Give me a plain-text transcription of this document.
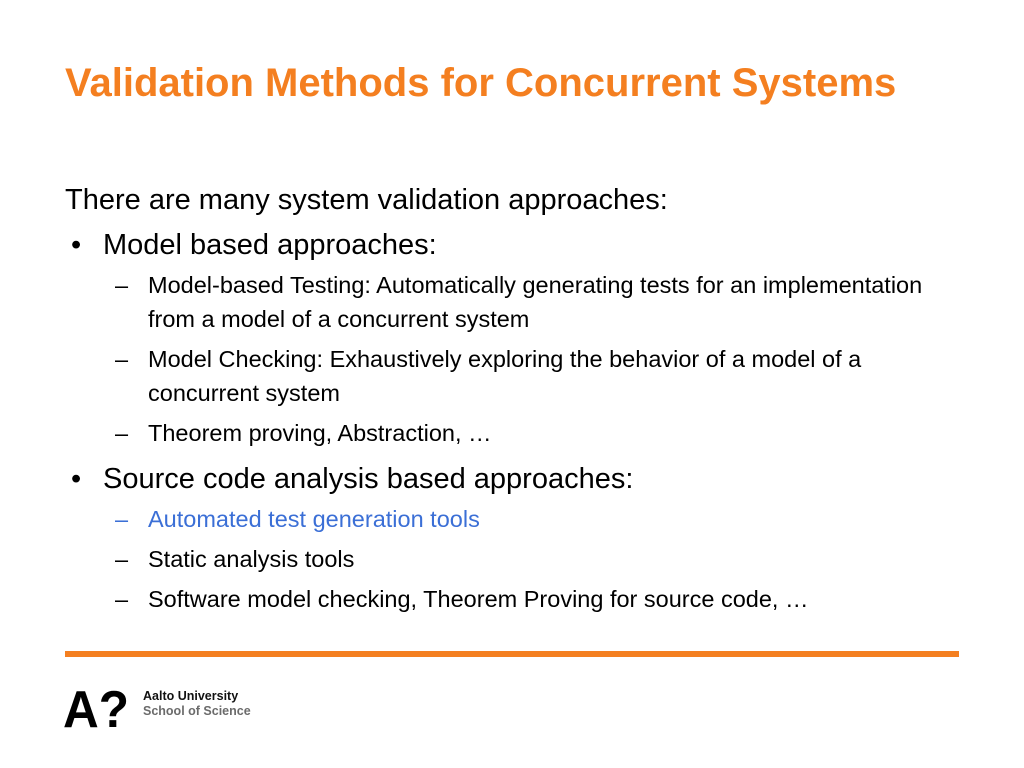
Validation Methods for Concurrent Systems

There are many system validation approaches:

• Model based approaches:
– Model-based Testing: Automatically generating tests for an implementation from a model of a concurrent system
– Model Checking: Exhaustively exploring the behavior of a model of a concurrent system
– Theorem proving, Abstraction, …
• Source code analysis based approaches:
– Automated test generation tools
– Static analysis tools
– Software model checking, Theorem Proving for source code, …
A? Aalto University
School of Science
